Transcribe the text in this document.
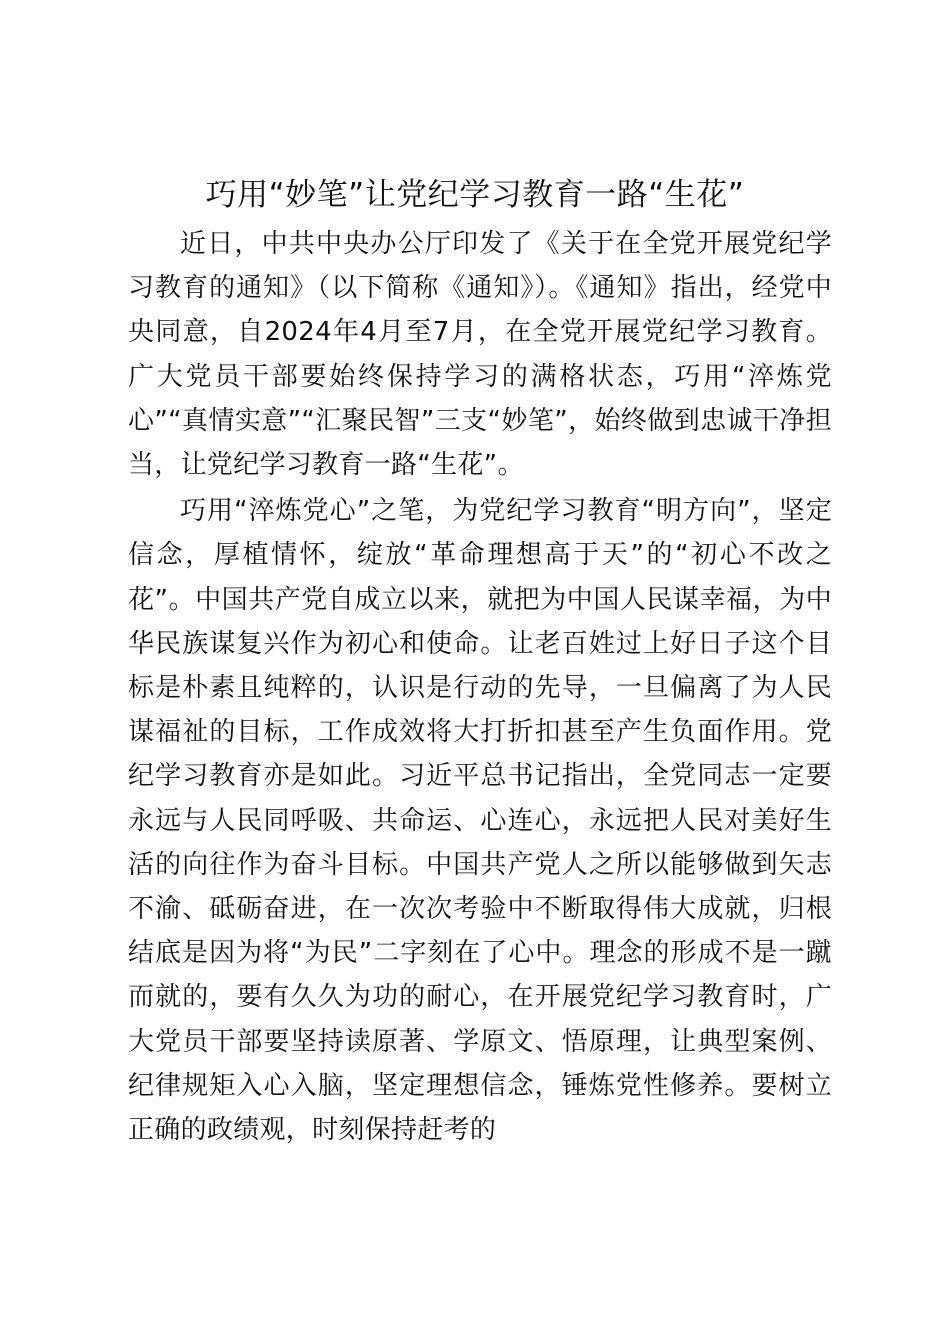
巧用“妙笔”让党纪学习教育一路“生花”

近日，中共中央办公厅印发了《关于在全党开展党纪学习教育的通知》（以下简称《通知》）。《通知》指出，经党中央同意，自2024年4月至7月，在全党开展党纪学习教育。广大党员干部要始终保持学习的满格状态，巧用“淬炼党心”“真情实意”“汇聚民智”三支“妙笔”，始终做到忠诚干净担当，让党纪学习教育一路“生花”。

巧用“淬炼党心”之笔，为党纪学习教育“明方向”，坚定信念，厚植情怀，绽放“革命理想高于天”的“初心不改之花”。中国共产党自成立以来，就把为中国人民谋幸福，为中华民族谋复兴作为初心和使命。让老百姓过上好日子这个目标是朴素且纯粹的，认识是行动的先导，一旦偏离了为人民谋福祉的目标，工作成效将大打折扣甚至产生负面作用。党纪学习教育亦是如此。习近平总书记指出，全党同志一定要永远与人民同呼吸、共命运、心连心，永远把人民对美好生活的向往作为奋斗目标。中国共产党人之所以能够做到矢志不渝、砥砺奋进，在一次次考验中不断取得伟大成就，归根结底是因为将“为民”二字刻在了心中。理念的形成不是一蹴而就的，要有久久为功的耐心，在开展党纪学习教育时，广大党员干部要坚持读原著、学原文、悟原理，让典型案例、纪律规矩入心入脑，坚定理想信念，锤炼党性修养。要树立正确的政绩观，时刻保持赶考的
